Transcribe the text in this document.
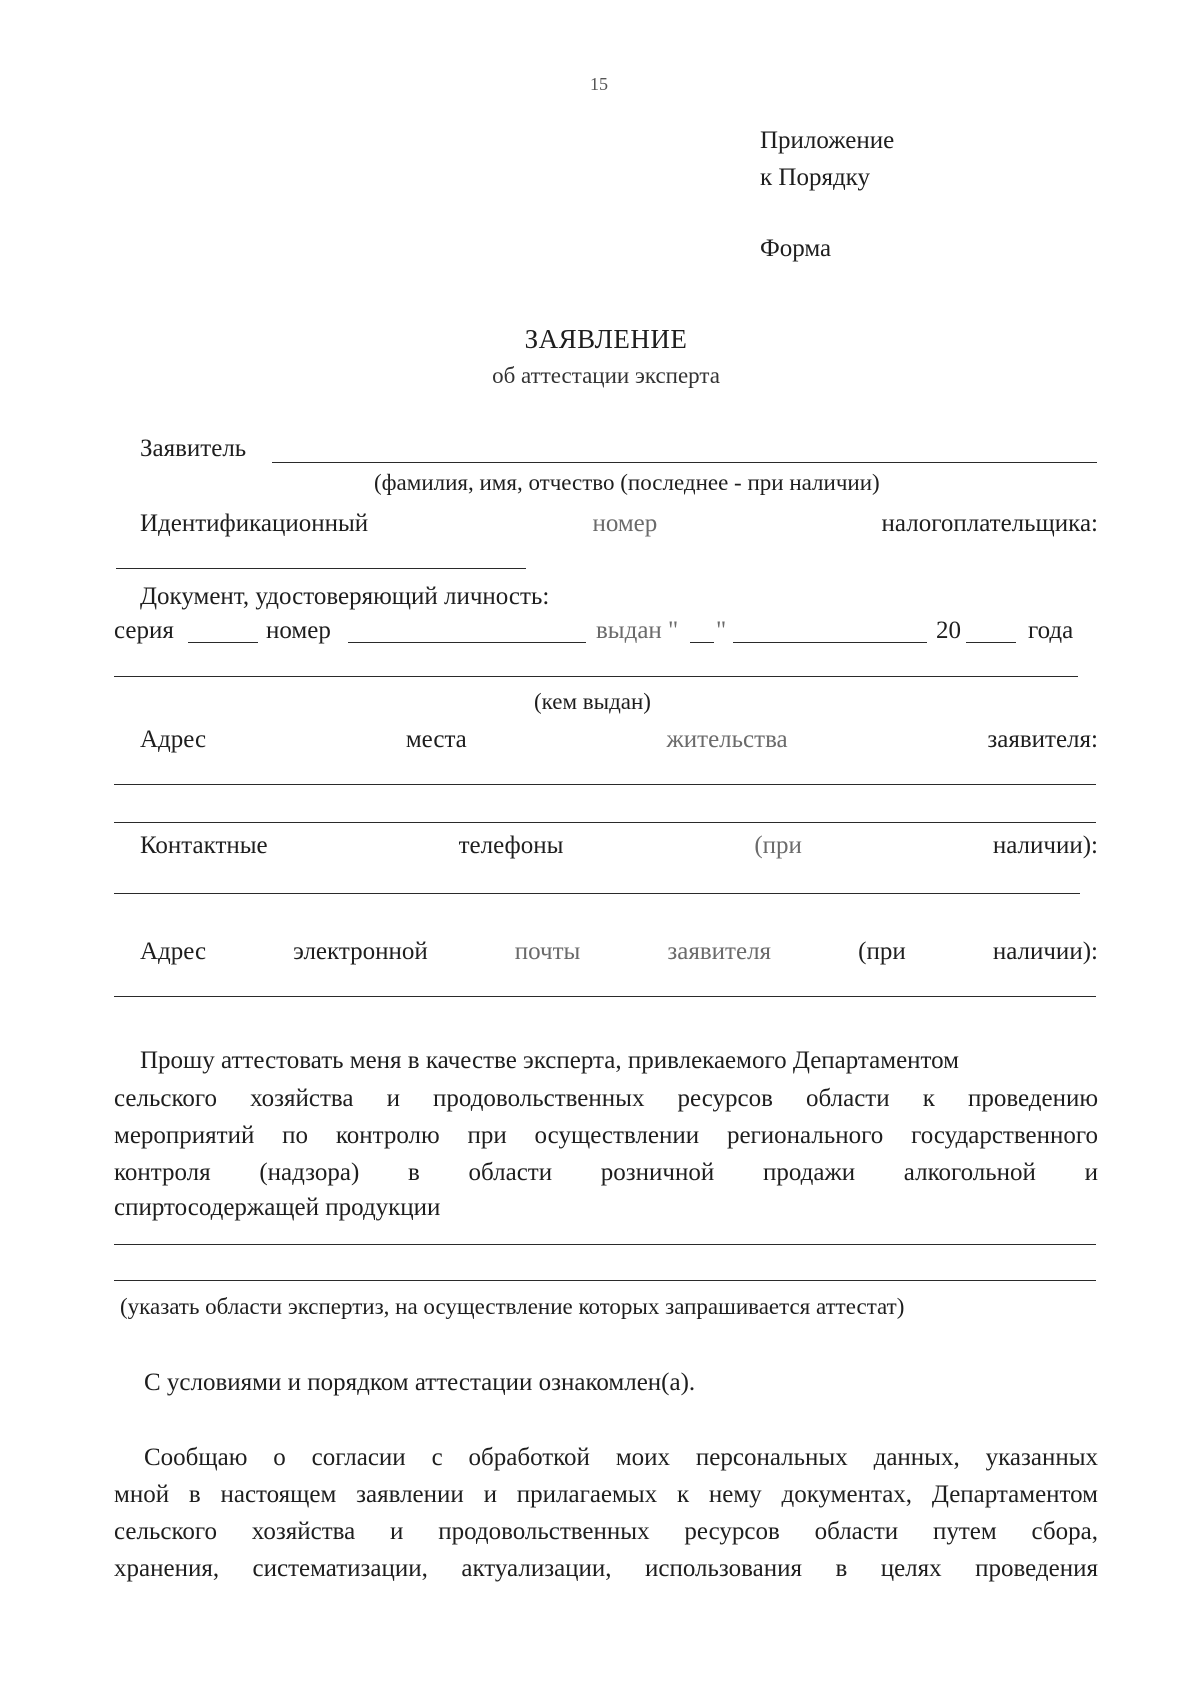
15
Приложение
к Порядку
Форма
ЗАЯВЛЕНИЕ
об аттестации эксперта
Заявитель
(фамилия, имя, отчество (последнее - при наличии)
Идентификационный	номер	налогоплательщика:
Документ, удостоверяющий личность:
серия	номер	выдан " "	20	года
(кем выдан)
Адрес	места	жительства	заявителя:
Контактные	телефоны	(при	наличии):
Адрес	электронной	почты	заявителя	(при	наличии):
Прошу аттестовать меня в качестве эксперта, привлекаемого Департаментом
сельского хозяйства и продовольственных ресурсов области к проведению
мероприятий по контролю при осуществлении регионального государственного
контроля (надзора) в области розничной продажи алкогольной и
спиртосодержащей продукции
(указать области экспертиз, на осуществление которых запрашивается аттестат)
С условиями и порядком аттестации ознакомлен(а).
Сообщаю о согласии с обработкой моих персональных данных, указанных
мной в настоящем заявлении и прилагаемых к нему документах, Департаментом
сельского хозяйства и продовольственных ресурсов области путем сбора,
хранения, систематизации, актуализации, использования в целях проведения
